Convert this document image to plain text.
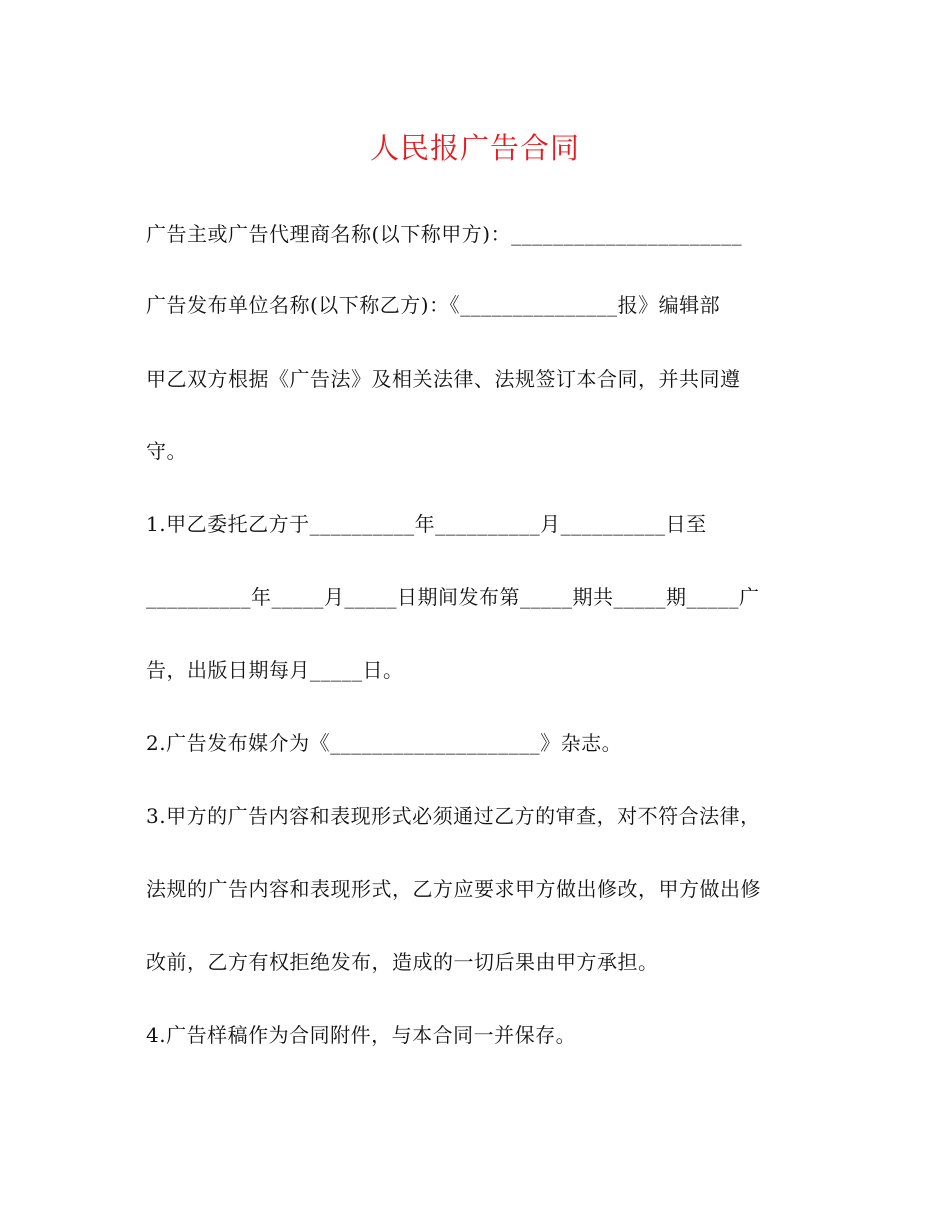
人民报广告合同
广告主或广告代理商名称(以下称甲方)：______________________
广告发布单位名称(以下称乙方)：《_______________报》编辑部
甲乙双方根据《广告法》及相关法律、法规签订本合同，并共同遵
守。
1.甲乙委托乙方于__________年__________月__________日至
__________年_____月_____日期间发布第_____期共_____期_____广
告，出版日期每月_____日。
2.广告发布媒介为《____________________》杂志。
3.甲方的广告内容和表现形式必须通过乙方的审查，对不符合法律，
法规的广告内容和表现形式，乙方应要求甲方做出修改，甲方做出修
改前，乙方有权拒绝发布，造成的一切后果由甲方承担。
4.广告样稿作为合同附件，与本合同一并保存。
